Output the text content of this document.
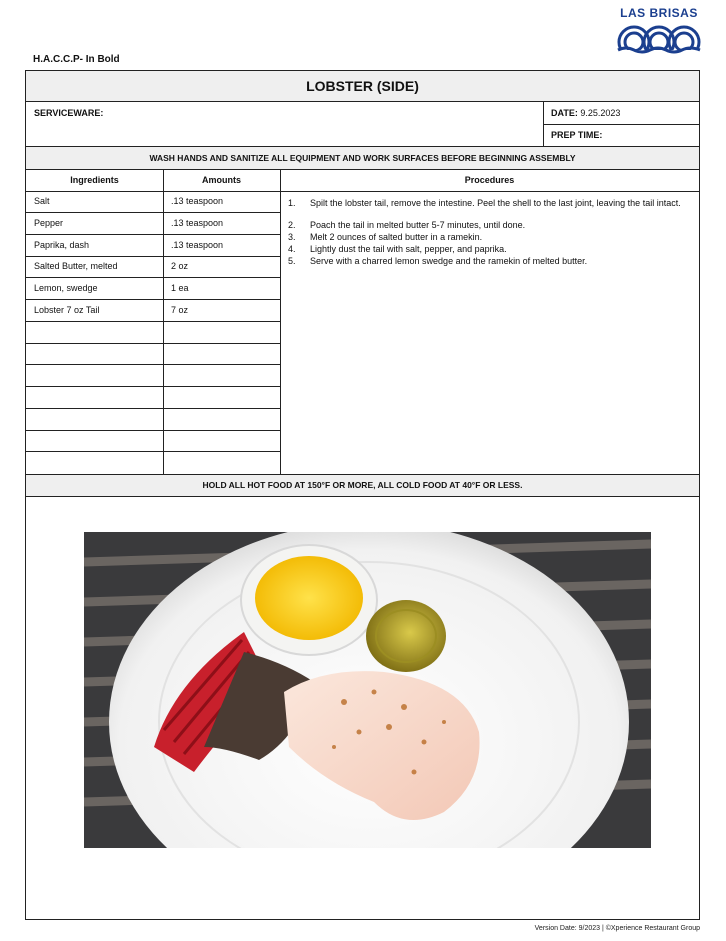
H.A.C.C.P- In Bold
LAS BRISAS
LOBSTER (SIDE)
SERVICEWARE:	DATE: 9.25.2023
PREP TIME:
WASH HANDS AND SANITIZE ALL EQUIPMENT AND WORK SURFACES BEFORE BEGINNING ASSEMBLY
Ingredients	Amounts	Procedures
Salt	.13 teaspoon
Pepper	.13 teaspoon
Paprika, dash	.13 teaspoon
Salted Butter, melted	2 oz
Lemon, swedge	1 ea
Lobster 7 oz Tail	7 oz
1. Spilt the lobster tail, remove the intestine. Peel the shell to the last joint, leaving the tail intact.
2. Poach the tail in melted butter 5-7 minutes, until done.
3. Melt 2 ounces of salted butter in a ramekin.
4. Lightly dust the tail with salt, pepper, and paprika.
5. Serve with a charred lemon swedge and the ramekin of melted butter.
HOLD ALL HOT FOOD AT 150°F OR MORE, ALL COLD FOOD AT 40°F OR LESS.
Version Date: 9/2023 | ©Xperience Restaurant Group
